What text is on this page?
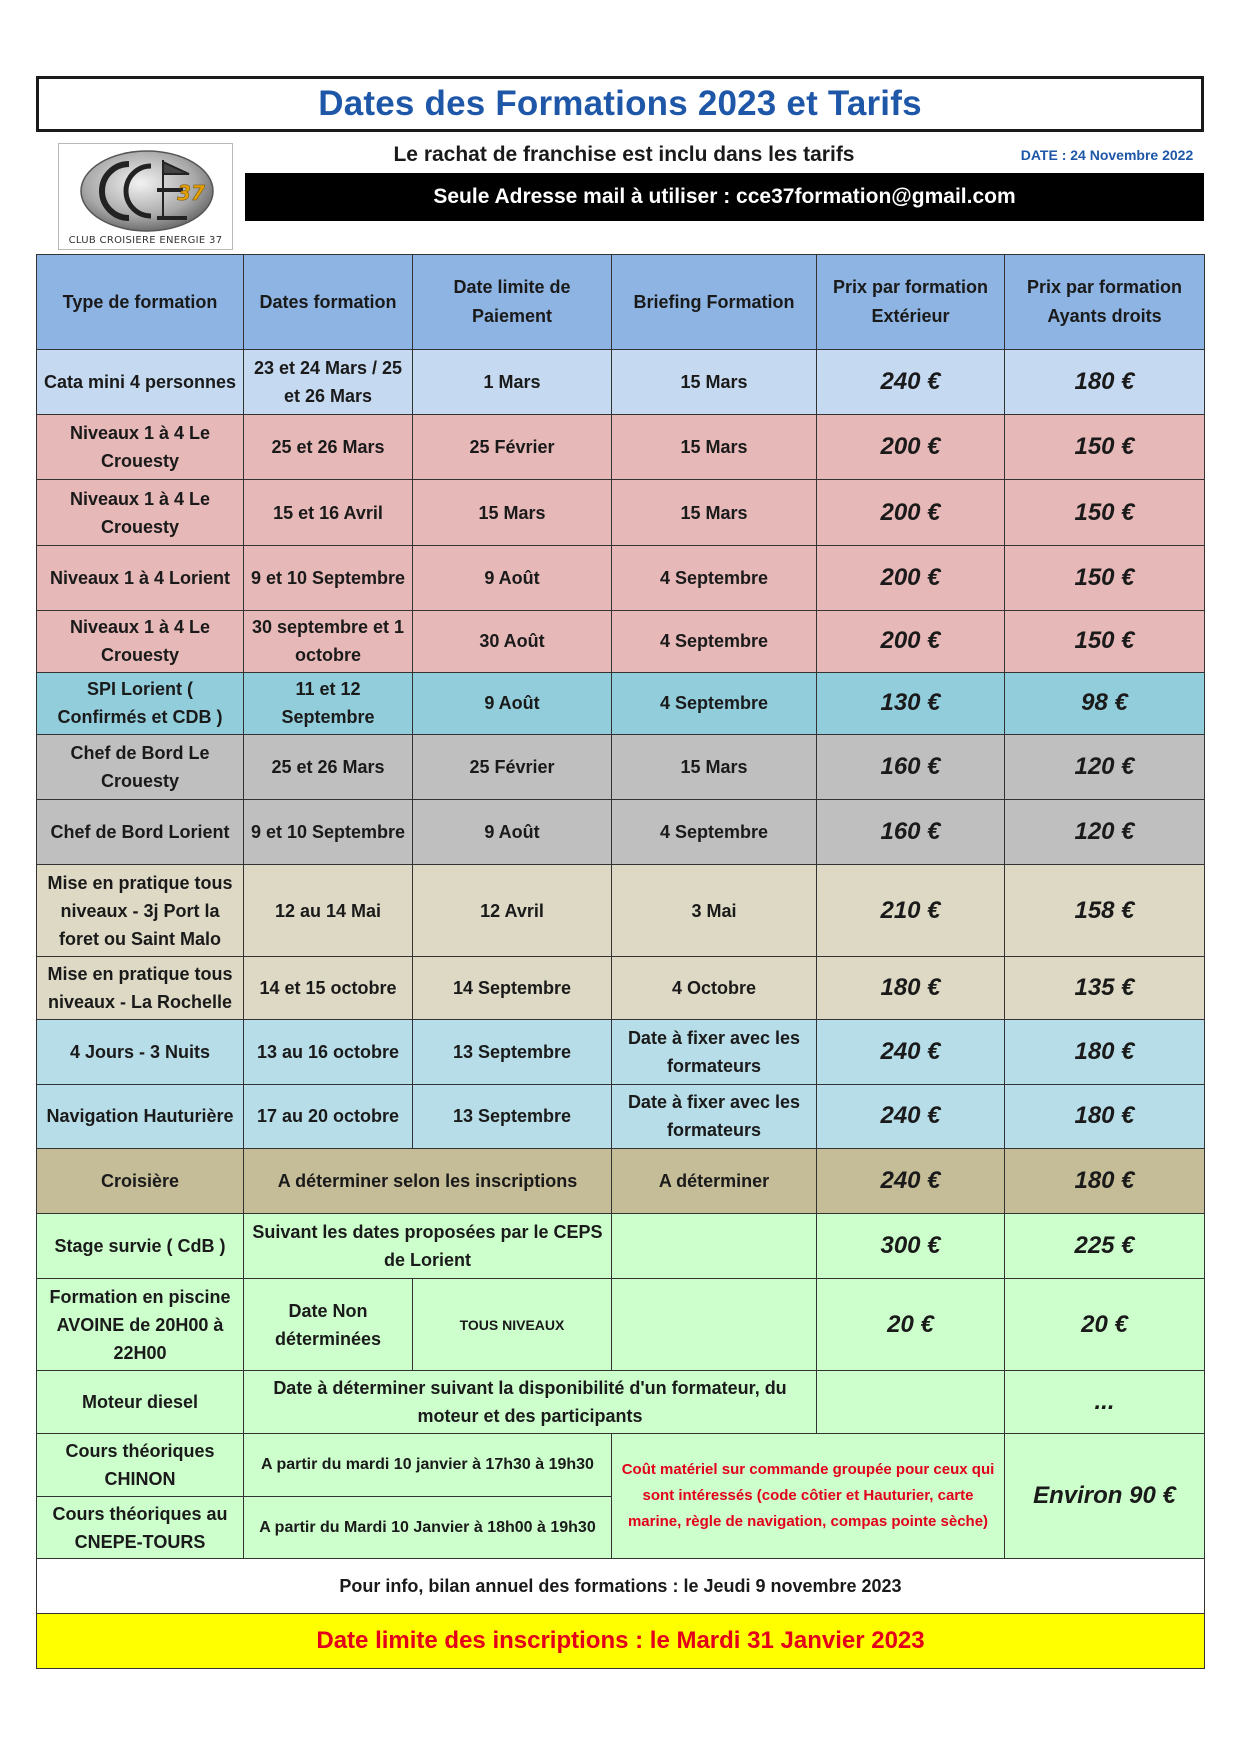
Dates des Formations 2023 et Tarifs
37
CLUB CROISIERE ENERGIE 37
Le rachat de franchise est inclu dans les tarifs	DATE : 24 Novembre 2022
Seule Adresse mail à utiliser : cce37formation@gmail.com
Type de formation	Dates formation	Date limite de Paiement	Briefing Formation	Prix par formation Extérieur	Prix par formation Ayants droits
Cata mini 4 personnes	23 et 24 Mars / 25 et 26 Mars	1 Mars	15 Mars	240 €	180 €
Niveaux 1 à 4 Le Crouesty	25 et 26 Mars	25 Février	15 Mars	200 €	150 €
Niveaux 1 à 4 Le Crouesty	15 et 16 Avril	15 Mars	15 Mars	200 €	150 €
Niveaux 1 à 4 Lorient	9 et 10 Septembre	9 Août	4 Septembre	200 €	150 €
Niveaux 1 à 4 Le Crouesty	30 septembre et 1 octobre	30 Août	4 Septembre	200 €	150 €
SPI Lorient ( Confirmés et CDB )	11 et 12 Septembre	9 Août	4 Septembre	130 €	98 €
Chef de Bord Le Crouesty	25 et 26 Mars	25 Février	15 Mars	160 €	120 €
Chef de Bord Lorient	9 et 10 Septembre	9 Août	4 Septembre	160 €	120 €
Mise en pratique tous niveaux - 3j Port la foret ou Saint Malo	12 au 14 Mai	12 Avril	3 Mai	210 €	158 €
Mise en pratique tous niveaux - La Rochelle	14 et 15 octobre	14 Septembre	4 Octobre	180 €	135 €
4 Jours - 3 Nuits	13 au 16 octobre	13 Septembre	Date à fixer avec les formateurs	240 €	180 €
Navigation Hauturière	17 au 20 octobre	13 Septembre	Date à fixer avec les formateurs	240 €	180 €
Croisière	A déterminer selon les inscriptions		A déterminer	240 €	180 €
Stage survie ( CdB )	Suivant les dates proposées par le CEPS de Lorient			300 €	225 €
Formation en piscine AVOINE de 20H00 à 22H00	Date Non déterminées	TOUS NIVEAUX		20 €	20 €
Moteur diesel	Date à déterminer suivant la disponibilité d'un formateur, du moteur et des participants				...
Cours théoriques CHINON	A partir du mardi 10 janvier à 17h30 à 19h30		Coût matériel sur commande groupée pour ceux qui sont intéressés (code côtier et Hauturier, carte marine, règle de navigation, compas pointe sèche)		Environ 90 €
Cours théoriques au CNEPE-TOURS	A partir du Mardi 10 Janvier à 18h00 à 19h30				
Pour info, bilan annuel des formations : le Jeudi 9 novembre 2023					
Date limite des inscriptions : le Mardi 31 Janvier 2023					
